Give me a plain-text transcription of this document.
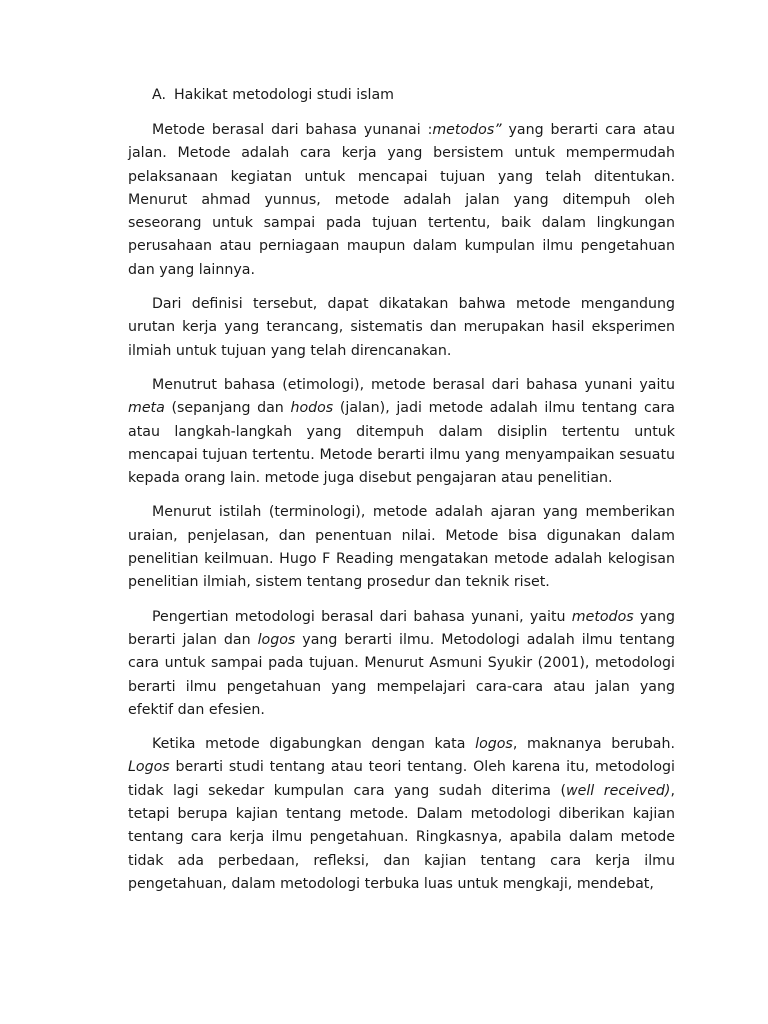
A. Hakikat metodologi studi islam

Metode berasal dari bahasa yunanai :metodos” yang berarti cara atau jalan. Metode adalah cara kerja yang bersistem untuk mempermudah pelaksanaan kegiatan untuk mencapai tujuan yang telah ditentukan. Menurut ahmad yunnus, metode adalah jalan yang ditempuh oleh seseorang untuk sampai pada tujuan tertentu, baik dalam lingkungan perusahaan atau perniagaan maupun dalam kumpulan ilmu pengetahuan dan yang lainnya.

Dari definisi tersebut, dapat dikatakan bahwa metode mengandung urutan kerja yang terancang, sistematis dan merupakan hasil eksperimen ilmiah untuk tujuan yang telah direncanakan.

Menutrut bahasa (etimologi), metode berasal dari bahasa yunani yaitu meta (sepanjang dan hodos (jalan), jadi metode adalah ilmu tentang cara atau langkah-langkah yang ditempuh dalam disiplin tertentu untuk mencapai tujuan tertentu. Metode berarti ilmu yang menyampaikan sesuatu kepada orang lain. metode juga disebut pengajaran atau penelitian.

Menurut istilah (terminologi), metode adalah ajaran yang memberikan uraian, penjelasan, dan penentuan nilai. Metode bisa digunakan dalam penelitian keilmuan. Hugo F Reading mengatakan metode adalah kelogisan penelitian ilmiah, sistem tentang prosedur dan teknik riset.

Pengertian metodologi berasal dari bahasa yunani, yaitu metodos yang berarti jalan dan logos yang berarti ilmu. Metodologi adalah ilmu tentang cara untuk sampai pada tujuan. Menurut Asmuni Syukir (2001), metodologi berarti ilmu pengetahuan yang mempelajari cara-cara atau jalan yang efektif dan efesien.

Ketika metode digabungkan dengan kata logos, maknanya berubah. Logos berarti studi tentang atau teori tentang. Oleh karena itu, metodologi tidak lagi sekedar kumpulan cara yang sudah diterima (well received), tetapi berupa kajian tentang metode. Dalam metodologi diberikan kajian tentang cara kerja ilmu pengetahuan. Ringkasnya, apabila dalam metode tidak ada perbedaan, refleksi, dan kajian tentang cara kerja ilmu pengetahuan, dalam metodologi terbuka luas untuk mengkaji, mendebat,
